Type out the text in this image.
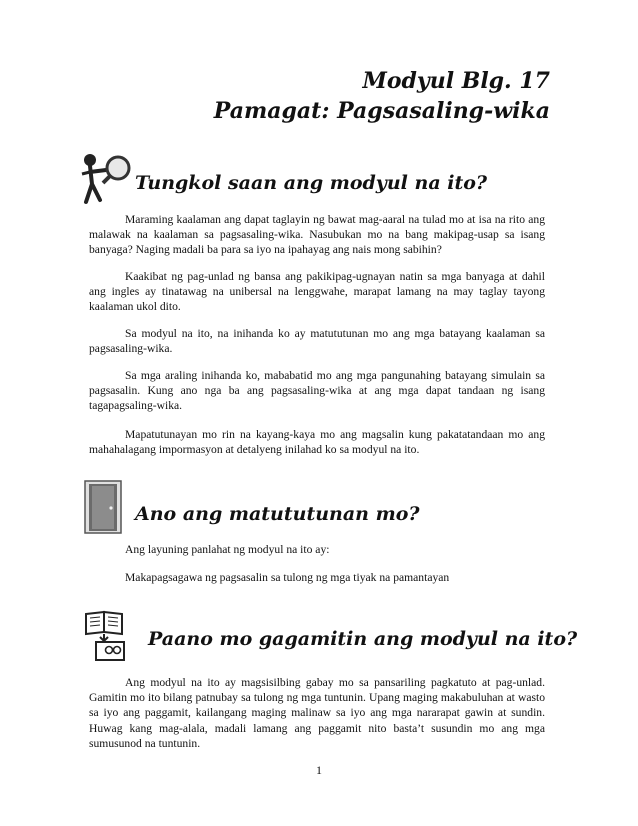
Modyul Blg. 17
Pamagat: Pagsasaling-wika
Tungkol saan ang modyul na ito?

Maraming kaalaman ang dapat taglayin ng bawat mag-aaral na tulad mo at isa na rito ang malawak na kaalaman sa pagsasaling-wika. Nasubukan mo na bang makipag-usap sa isang banyaga? Naging madali ba para sa iyo na ipahayag ang nais mong sabihin?

Kaakibat ng pag-unlad ng bansa ang pakikipag-ugnayan natin sa mga banyaga at dahil ang ingles ay tinatawag na unibersal na lenggwahe, marapat lamang na may taglay tayong kaalaman ukol dito.

Sa modyul na ito, na inihanda ko ay matututunan mo ang mga batayang kaalaman sa pagsasaling-wika.

Sa mga araling inihanda ko, mababatid mo ang mga pangunahing batayang simulain sa pagsasalin. Kung ano nga ba ang pagsasaling-wika at ang mga dapat tandaan ng isang tagapagsaling-wika.

Mapatutunayan mo rin na kayang-kaya mo ang magsalin kung pakatatandaan mo ang mahahalagang impormasyon at detalyeng inilahad ko sa modyul na ito.

Ano ang matututunan mo?

Ang layuning panlahat ng modyul na ito ay:

Makapagsagawa ng pagsasalin sa tulong ng mga tiyak na pamantayan

Paano mo gagamitin ang modyul na ito?

Ang modyul na ito ay magsisilbing gabay mo sa pansariling pagkatuto at pag-unlad. Gamitin mo ito bilang patnubay sa tulong ng mga tuntunin. Upang maging makabuluhan at wasto sa iyo ang paggamit, kailangang maging malinaw sa iyo ang mga nararapat gawin at sundin. Huwag kang mag-alala, madali lamang ang paggamit nito basta’t susundin mo ang mga sumusunod na tuntunin.

1
